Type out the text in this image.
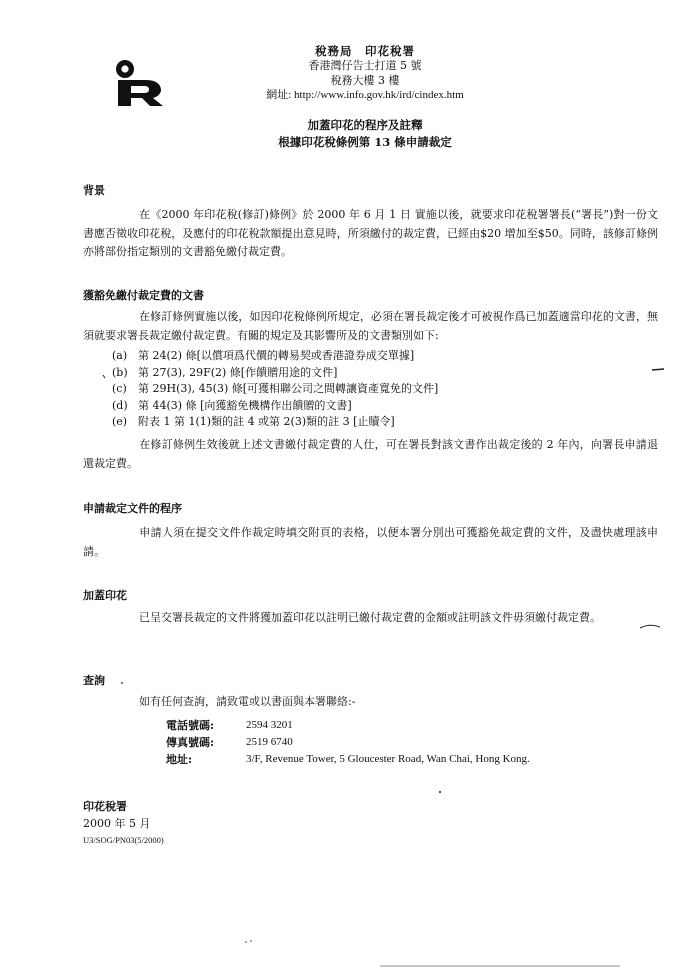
稅務局　印花稅署
香港灣仔告士打道 5 號
稅務大樓 3 樓
網址: http://www.info.gov.hk/ird/cindex.htm
加蓋印花的程序及註釋
根據印花稅條例第 13 條申請裁定
背景
在《2000 年印花稅(修訂)條例》於 2000 年 6 月 1 日 實施以後，就要求印花稅署署長(“署長”)對一份文書應否徵收印花稅，及應付的印花稅款額提出意見時，所須繳付的裁定費，已經由$20 增加至$50。同時，該修訂條例亦將部份指定類別的文書豁免繳付裁定費。
獲豁免繳付裁定費的文書
在修訂條例實施以後，如因印花稅條例所規定，必須在署長裁定後才可被視作爲已加蓋適當印花的文書，無須就要求署長裁定繳付裁定費。有關的規定及其影響所及的文書類別如下:
(a) 第 24(2) 條[以償項爲代價的轉易契或香港證券成交單據]
(b) 第 27(3), 29F(2) 條[作饋贈用途的文件]
(c)	第 29H(3), 45(3) 條[可獲相聯公司之間轉讓資產寬免的文件]
(d) 第 44(3) 條 [向獲豁免機構作出饋贈的文書]
(e) 附表 1 第 1(1)類的註 4 或第 2(3)類的註 3 [止贖令]
在修訂條例生效後就上述文書繳付裁定費的人仕，可在署長對該文書作出裁定後的 2 年內，向署長申請退還裁定費。
申請裁定文件的程序
申請人須在提交文件作裁定時填交附頁的表格，以便本署分別出可獲豁免裁定費的文件，及盡快處理該申請。
加蓋印花
已呈交署長裁定的文件將獲加蓋印花以註明已繳付裁定費的金額或註明該文件毋須繳付裁定費。
查詢
如有任何查詢，請致電或以書面與本署聯絡:-
電話號碼:	2594 3201
傳真號碼:	2519 6740
地址:	3/F, Revenue Tower, 5 Gloucester Road, Wan Chai, Hong Kong.
印花稅署
2000 年 5 月
U3/SOG/PN03(5/2000)
